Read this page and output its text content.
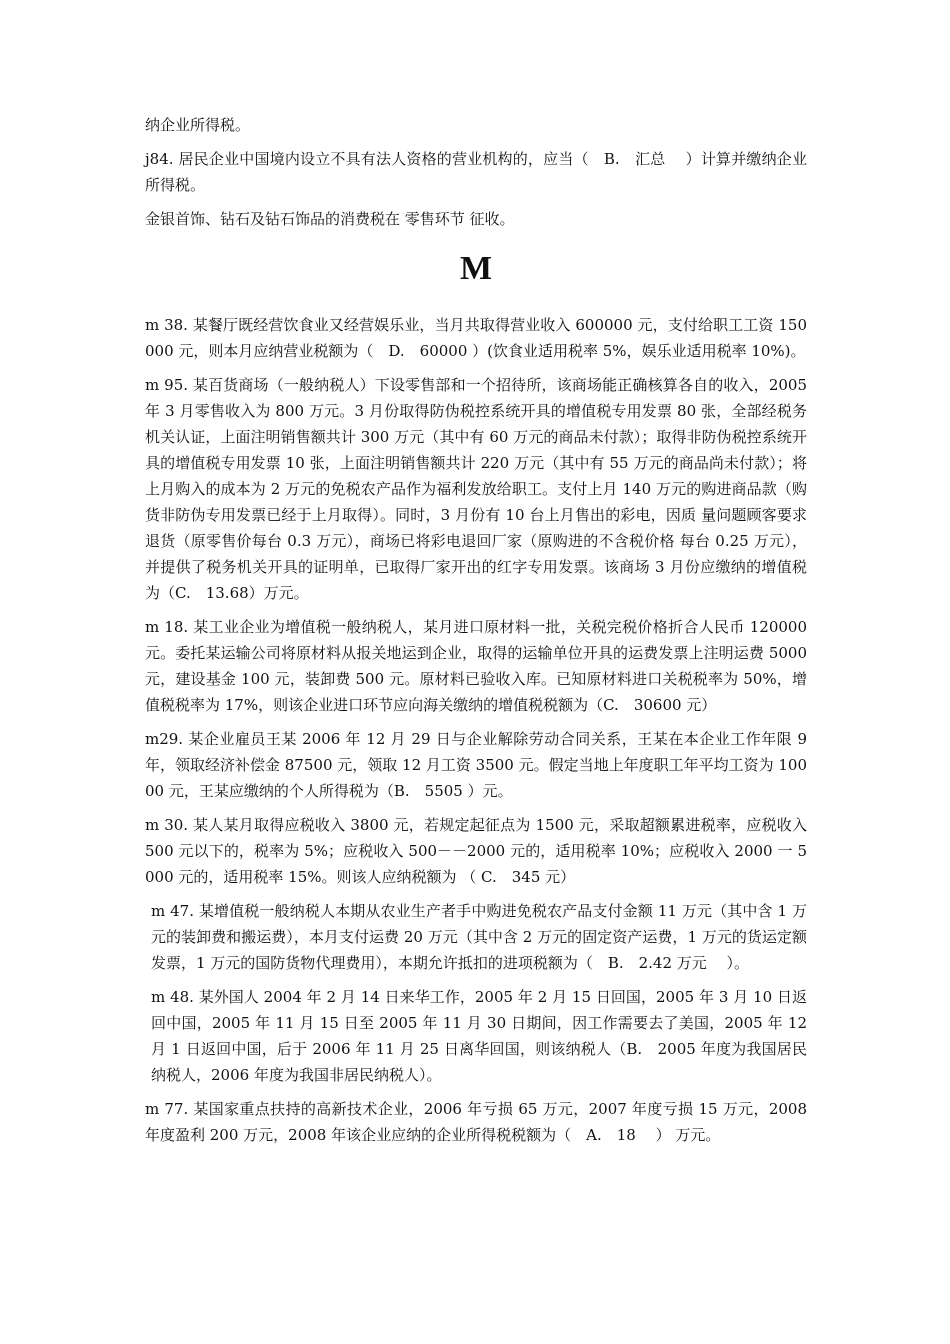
纳企业所得税。

j84. 居民企业中国境内设立不具有法人资格的营业机构的，应当（　B.　汇总　 ）计算并缴纳企业所得税。

金银首饰、钻石及钻石饰品的消费税在 零售环节 征收。

M

m 38. 某餐厅既经营饮食业又经营娱乐业，当月共取得营业收入 600000 元，支付给职工工资 150000 元，则本月应纳营业税额为（　D.　60000 ）(饮食业适用税率 5%，娱乐业适用税率 10%)。　

m 95. 某百货商场（一般纳税人）下设零售部和一个招待所，该商场能正确核算各自的收入，2005 年 3 月零售收入为 800 万元。3 月份取得防伪税控系统开具的增值税专用发票 80 张，全部经税务机关认证，上面注明销售额共计 300 万元（其中有 60 万元的商品未付款）；取得非防伪税控系统开具的增值税专用发票 10 张，上面注明销售额共计 220 万元（其中有 55 万元的商品尚未付款）；将上月购入的成本为 2 万元的免税农产品作为福利发放给职工。支付上月 140 万元的购进商品款（购货非防伪专用发票已经于上月取得）。同时，3 月份有 10 台上月售出的彩电，因质 量问题顾客要求退货（原零售价每台 0.3 万元），商场已将彩电退回厂家（原购进的不含税价格 每台 0.25 万元），并提供了税务机关开具的证明单，已取得厂家开出的红字专用发票。该商场 3 月份应缴纳的增值税为（C.　13.68）万元。

m 18. 某工业企业为增值税一般纳税人，某月进口原材料一批，关税完税价格折合人民币 120000 元。委托某运输公司将原材料从报关地运到企业，取得的运输单位开具的运费发票上注明运费 5000 元，建设基金 100 元，装卸费 500 元。原材料已验收入库。已知原材料进口关税税率为 50%，增值税税率为 17%，则该企业进口环节应向海关缴纳的增值税税额为（C.　30600 元）

m29. 某企业雇员王某 2006 年 12 月 29 日与企业解除劳动合同关系，王某在本企业工作年限 9 年，领取经济补偿金 87500 元，领取 12 月工资 3500 元。假定当地上年度职工年平均工资为 10000 元，王某应缴纳的个人所得税为（B.　5505 ）元。

m 30. 某人某月取得应税收入 3800 元，若规定起征点为 1500 元，采取超额累进税率，应税收入 500 元以下的，税率为 5%；应税收入 500－－2000 元的，适用税率 10%；应税收入 2000 一 5000 元的，适用税率 15%。则该人应纳税额为 （ C.　345 元）

m 47. 某增值税一般纳税人本期从农业生产者手中购进免税农产品支付金额 11 万元（其中含 1 万元的装卸费和搬运费），本月支付运费 20 万元（其中含 2 万元的固定资产运费，1 万元的货运定额发票，1 万元的国防货物代理费用），本期允许抵扣的进项税额为（　B.　2.42 万元　 ）。

m 48. 某外国人 2004 年 2 月 14 日来华工作，2005 年 2 月 15 日回国，2005 年 3 月 10 日返回中国，2005 年 11 月 15 日至 2005 年 11 月 30 日期间，因工作需要去了美国，2005 年 12 月 1 日返回中国，后于 2006 年 11 月 25 日离华回国，则该纳税人（B.　2005 年度为我国居民纳税人，2006 年度为我国非居民纳税人）。

m 77. 某国家重点扶持的高新技术企业，2006 年亏损 65 万元，2007 年度亏损 15 万元，2008 年度盈利 200 万元，2008 年该企业应纳的企业所得税税额为（　A.　18　 ） 万元。
